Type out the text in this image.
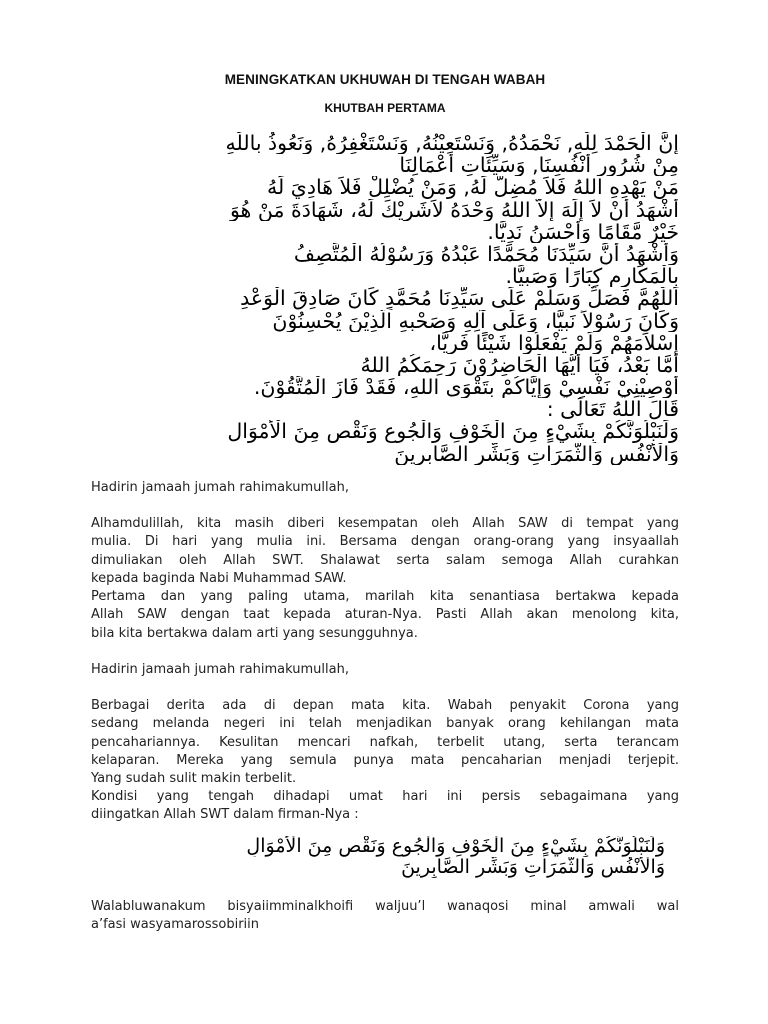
MENINGKATKAN UKHUWAH DI TENGAH WABAH
KHUTBAH PERTAMA
إنَّ الْحَمْدَ لِلّٰهِ, نَحْمَدُهُ, وَنَسْتَعِيْنُهُ, وَنَسْتَغْفِرُهُ, وَنَعُوذُ بِاللّٰهِ
مِنْ شُرُورِ أَنْفُسِنَا, وَسَيِّئَاتِ أَعْمَالِنَا
مَنْ يَهْدِهِ اللهُ فَلاَ مُضِلَّ لَهُ, وَمَنْ يُضْلِلْ فَلاَ هَادِيَ لَهُ
أَشْهَدُ أَنْ لاَ إِلَهَ إِلاَّ اللهُ وَحْدَهُ لاَشَرِيْكَ لَهُ، شَهَادَةَ مَنْ هُوَ
خَيْرٌ مَّقَامًا وَأَحْسَنُ نَدِيًّا.
وَأَشْهَدُ أَنَّ سَيِّدَنَا مُحَمَّدًا عَبْدُهُ وَرَسُوْلُهُ الْمُتَّصِفُ
بِالْمَكَارِمِ كِبَارًا وَصَبِيًّا.
اَللّٰهُمَّ فَصَلِّ وَسَلِّمْ عَلَى سَيِّدِنَا مُحَمَّدٍ كَانَ صَادِقَ الْوَعْدِ
وَكَانَ رَسُوْلاً نَبِيًّا، وَعَلَى آلِهِ وَصَحْبِهِ الَّذِيْنَ يُحْسِنُوْنَ
إِسْلاَمَهُمْ وَلَمْ يَفْعَلُوْا شَيْئًا فَرِيًّا،
أَمَّا بَعْدُ، فَيَا أَيُّهَا الْحَاضِرُوْنَ رَحِمَكُمُ اللهُ
أُوْصِيْنِيْ نَفْسِيْ وَإِيَّاكُمْ بِتَقْوَى اللهِ، فَقَدْ فَازَ الْمُتَّقُوْنَ.
قَالَ اللهُ تَعَالَى :
وَلَنَبْلُوَنَّكُمْ بِشَيْءٍ مِنَ الْخَوْفِ وَالْجُوعِ وَنَقْصٍ مِنَ الْأَمْوَالِ
وَالْأَنْفُسِ وَالثَّمَرَاتِ وَبَشِّرِ الصَّابِرِينَ

Hadirin jamaah jumah rahimakumullah,

Alhamdulillah, kita masih diberi kesempatan oleh Allah SAW di tempat yang
mulia. Di hari yang mulia ini. Bersama dengan orang-orang yang insyaallah
dimuliakan oleh Allah SWT. Shalawat serta salam semoga Allah curahkan
kepada baginda Nabi Muhammad SAW.

Pertama dan yang paling utama, marilah kita senantiasa bertakwa kepada
Allah SAW dengan taat kepada aturan-Nya. Pasti Allah akan menolong kita,
bila kita bertakwa dalam arti yang sesungguhnya.

Hadirin jamaah jumah rahimakumullah,

Berbagai derita ada di depan mata kita. Wabah penyakit Corona yang
sedang melanda negeri ini telah menjadikan banyak orang kehilangan mata
pencahariannya. Kesulitan mencari nafkah, terbelit utang, serta terancam
kelaparan. Mereka yang semula punya mata pencaharian menjadi terjepit.
Yang sudah sulit makin terbelit.

Kondisi yang tengah dihadapi umat hari ini persis sebagaimana yang
diingatkan Allah SWT dalam firman-Nya :

وَلَنَبْلُوَنَّكُمْ بِشَيْءٍ مِنَ الْخَوْفِ وَالْجُوعِ وَنَقْصٍ مِنَ الْأَمْوَالِ
وَالْأَنْفُسِ وَالثَّمَرَاتِ وَبَشِّرِ الصَّابِرِينَ

Walabluwanakum bisyaiimminalkhoifi waljuu’l wanaqosi minal amwali wal
a’fasi wasyamarossobiriin
